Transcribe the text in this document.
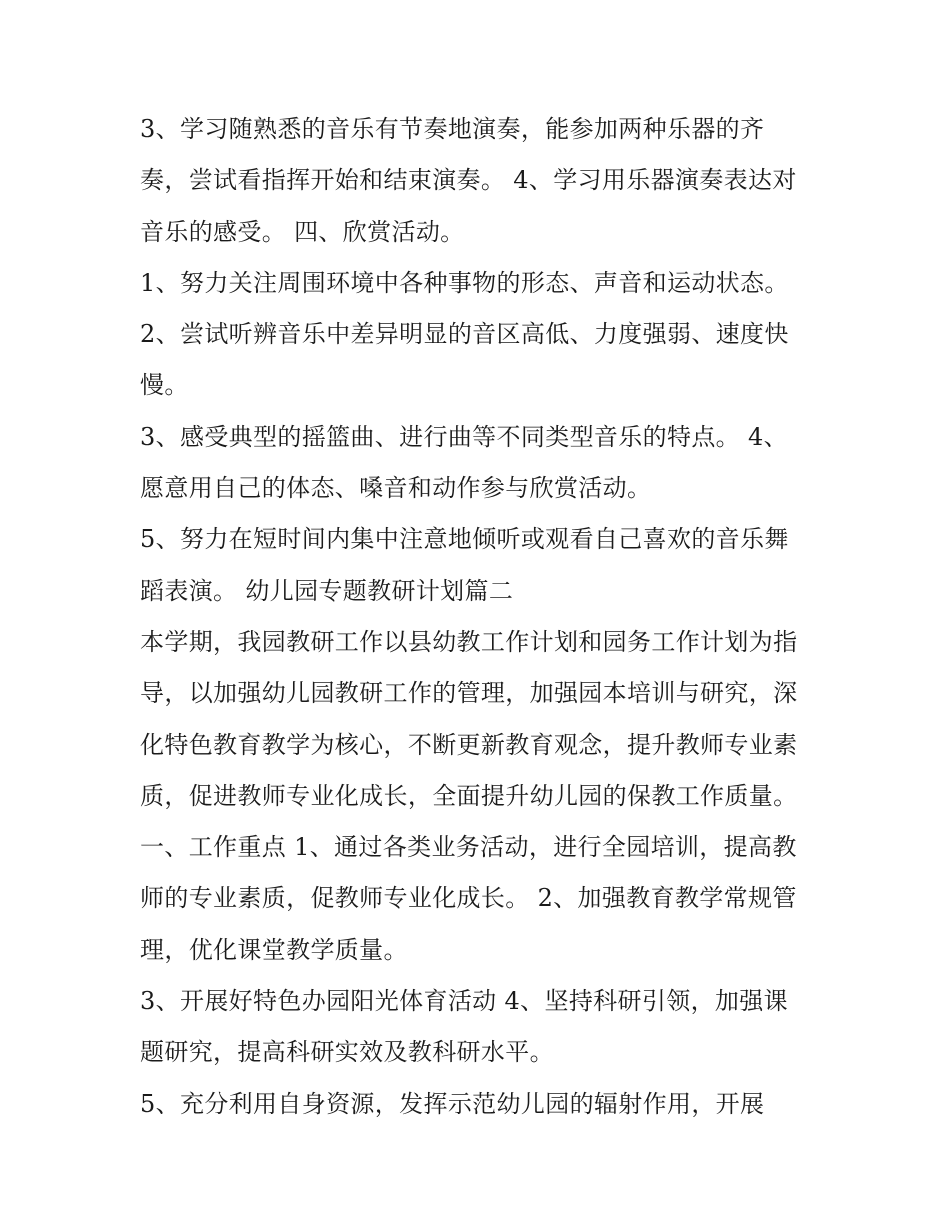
3、学习随熟悉的音乐有节奏地演奏，能参加两种乐器的齐
奏，尝试看指挥开始和结束演奏。 4、学习用乐器演奏表达对
音乐的感受。 四、欣赏活动。
1、努力关注周围环境中各种事物的形态、声音和运动状态。
2、尝试听辨音乐中差异明显的音区高低、力度强弱、速度快
慢。
3、感受典型的摇篮曲、进行曲等不同类型音乐的特点。 4、
愿意用自己的体态、嗓音和动作参与欣赏活动。
5、努力在短时间内集中注意地倾听或观看自己喜欢的音乐舞
蹈表演。 幼儿园专题教研计划篇二
本学期，我园教研工作以县幼教工作计划和园务工作计划为指
导，以加强幼儿园教研工作的管理，加强园本培训与研究，深
化特色教育教学为核心，不断更新教育观念，提升教师专业素
质，促进教师专业化成长，全面提升幼儿园的保教工作质量。
一、工作重点 1、通过各类业务活动，进行全园培训，提高教
师的专业素质，促教师专业化成长。 2、加强教育教学常规管
理，优化课堂教学质量。
3、开展好特色办园阳光体育活动 4、坚持科研引领，加强课
题研究，提高科研实效及教科研水平。
5、充分利用自身资源，发挥示范幼儿园的辐射作用，开展
